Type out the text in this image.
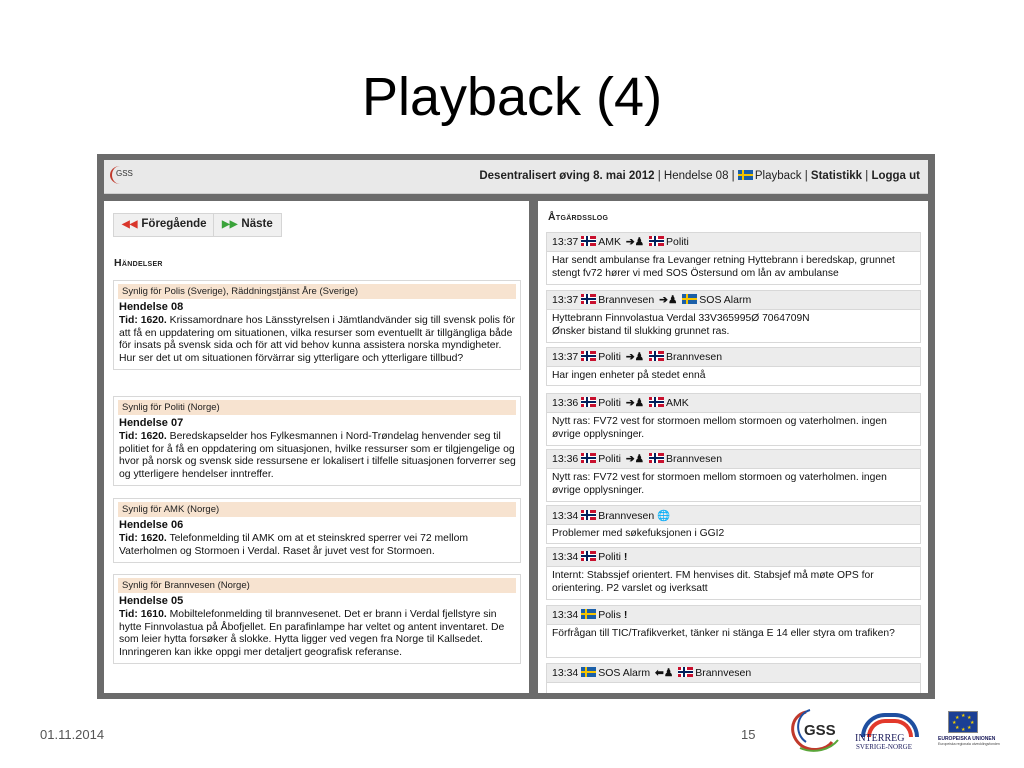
Playback (4)
GSS	Desentralisert øving 8. mai 2012 | Hendelse 08 | Playback | Statistikk | Logga ut
◀◀ Föregående	▶▶ Näste
Händelser
Synlig för Polis (Sverige), Räddningstjänst Åre (Sverige)
Hendelse 08
Tid: 1620. Krissamordnare hos Länsstyrelsen i Jämtlandvänder sig till svensk polis för att få en uppdatering om situationen, vilka resurser som eventuellt är tillgängliga både för insats på svensk sida och för att vid behov kunna assistera norska myndigheter. Hur ser det ut om situationen förvärrar sig ytterligare och ytterligare tillbud?
Synlig för Politi (Norge)
Hendelse 07
Tid: 1620. Beredskapselder hos Fylkesmannen i Nord-Trøndelag henvender seg til politiet for å få en oppdatering om situasjonen, hvilke ressurser som er tilgjengelige og hvor på norsk og svensk side ressursene er lokalisert i tilfelle situasjonen forverrer seg og ytterligere hendelser inntreffer.
Synlig för AMK (Norge)
Hendelse 06
Tid: 1620. Telefonmelding til AMK om at et steinskred sperrer vei 72 mellom Vaterholmen og Stormoen i Verdal. Raset år juvet vest for Stormoen.
Synlig för Brannvesen (Norge)
Hendelse 05
Tid: 1610. Mobiltelefonmelding til brannvesenet. Det er brann i Verdal fjellstyre sin hytte Finnvolastua på Åbofjellet. En parafinlampe har veltet og antent inventaret. De som leier hytta forsøker å slokke. Hytta ligger ved vegen fra Norge til Kallsedet. Innringeren kan ikke oppgi mer detaljert geografisk referanse.
Åtgärdsslog
13:37
AMK ➔♟
Politi
Har sendt ambulanse fra Levanger retning Hyttebrann i beredskap, grunnet stengt fv72 hører vi med SOS Östersund om lån av ambulanse
13:37
Brannvesen ➔♟ SOS Alarm
Hyttebrann Finnvolastua Verdal 33V365995Ø 7064709N
Ønsker bistand til slukking grunnet ras.
13:37
Politi ➔♟
Brannvesen
Har ingen enheter på stedet ennå
13:36
Politi ➔♟
AMK
Nytt ras: FV72 vest for stormoen mellom stormoen og vaterholmen. ingen øvrige opplysninger.
13:36
Politi ➔♟
Brannvesen
Nytt ras: FV72 vest for stormoen mellom stormoen og vaterholmen. ingen øvrige opplysninger.
13:34
Brannvesen 🌐
Problemer med søkefuksjonen i GGI2
13:34
Politi !
Internt: Stabssjef orientert. FM henvises dit. Stabsjef må møte OPS for orientering. P2 varslet og iverksatt
13:34 Polis !
Förfrågan till TIC/Trafikverket, tänker ni stänga E 14 eller styra om trafiken?
13:34 SOS Alarm ⬅♟
Brannvesen
01.11.2014	15	GSS INTERREG
SVERIGE-NORGE
★ ★
★
★
★
★
★
★
EUROPEISKA UNIONEN
Europeiska regionala utvecklingsfonden
